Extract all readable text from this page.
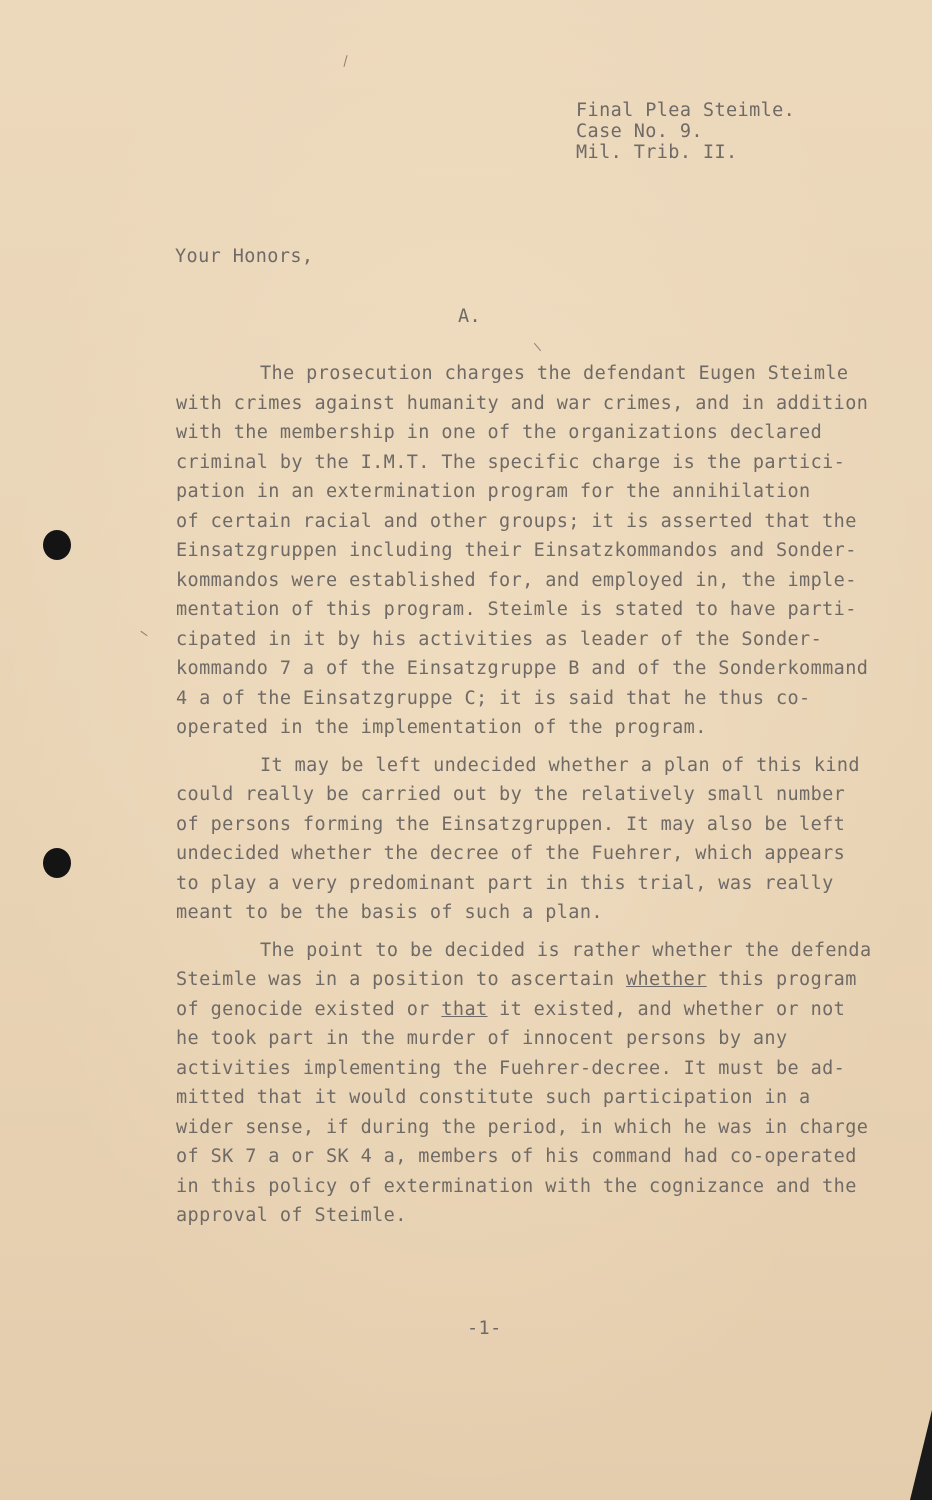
Final Plea Steimle.
Case No. 9.
Mil. Trib. II.
Your Honors,
A.
The prosecution charges the defendant Eugen Steimle
with crimes against humanity and war crimes, and in addition
with the membership in one of the organizations declared
criminal by the I.M.T. The specific charge is the partici-
pation in an extermination program for the annihilation
of certain racial and other groups; it is asserted that the
Einsatzgruppen including their Einsatzkommandos and Sonder-
kommandos were established for, and employed in, the imple-
mentation of this program. Steimle is stated to have parti-
cipated in it by his activities as leader of the Sonder-
kommando 7 a of the Einsatzgruppe B and of the Sonderkommand
4 a of the Einsatzgruppe C; it is said that he thus co-
operated in the implementation of the program.
It may be left undecided whether a plan of this kind
could really be carried out by the relatively small number
of persons forming the Einsatzgruppen. It may also be left
undecided whether the decree of the Fuehrer, which appears
to play a very predominant part in this trial, was really
meant to be the basis of such a plan.
The point to be decided is rather whether the defenda
Steimle was in a position to ascertain whether this program
of genocide existed or that it existed, and whether or not
he took part in the murder of innocent persons by any
activities implementing the Fuehrer-decree. It must be ad-
mitted that it would constitute such participation in a
wider sense, if during the period, in which he was in charge
of SK 7 a or SK 4 a, members of his command had co-operated
in this policy of extermination with the cognizance and the
approval of Steimle.
-1-
